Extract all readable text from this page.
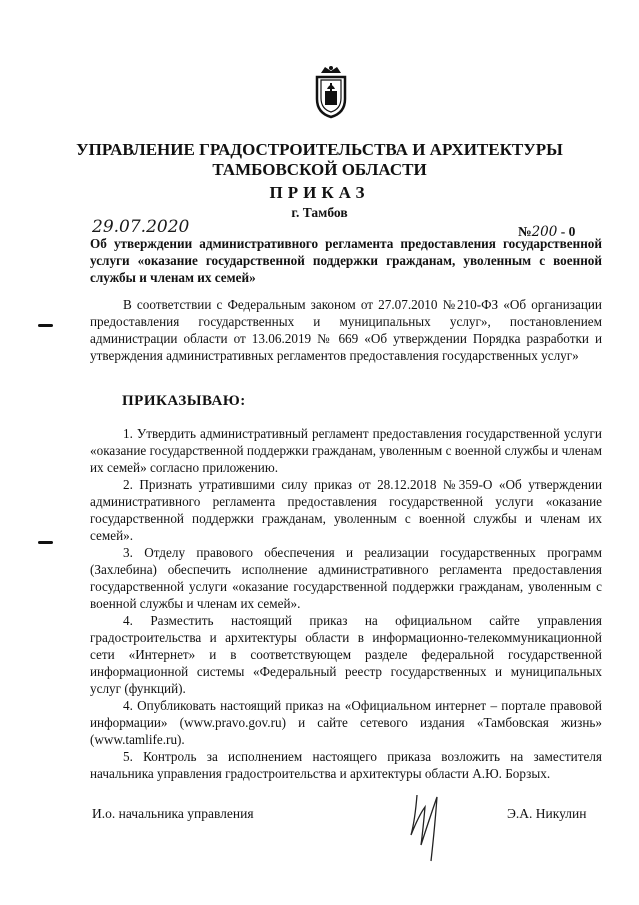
УПРАВЛЕНИЕ ГРАДОСТРОИТЕЛЬСТВА И АРХИТЕКТУРЫ
ТАМБОВСКОЙ ОБЛАСТИ
ПРИКАЗ
г. Тамбов
29.07.2020	№200 - 0
Об утверждении административного регламента предоставления государственной услуги «оказание государственной поддержки гражданам, уволенным с военной службы и членам их семей»

В соответствии с Федеральным законом от 27.07.2010 №210-ФЗ «Об организации предоставления государственных и муниципальных услуг», постановлением администрации области от 13.06.2019 № 669 «Об утверждении Порядка разработки и утверждения административных регламентов предоставления государственных услуг»

ПРИКАЗЫВАЮ:

1. Утвердить административный регламент предоставления государственной услуги «оказание государственной поддержки гражданам, уволенным с военной службы и членам их семей» согласно приложению.

2. Признать утратившими силу приказ от 28.12.2018 №359-О «Об утверждении административного регламента предоставления государственной услуги «оказание государственной поддержки гражданам, уволенным с военной службы и членам их семей».

3. Отделу правового обеспечения и реализации государственных программ (Захлебина) обеспечить исполнение административного регламента предоставления государственной услуги «оказание государственной поддержки гражданам, уволенным с военной службы и членам их семей».

4. Разместить настоящий приказ на официальном сайте управления градостроительства и архитектуры области в информационно-телекоммуникационной сети «Интернет» и в соответствующем разделе федеральной государственной информационной системы «Федеральный реестр государственных и муниципальных услуг (функций).

4. Опубликовать настоящий приказ на «Официальном интернет – портале правовой информации» (www.pravo.gov.ru) и сайте сетевого издания «Тамбовская жизнь» (www.tamlife.ru).

5. Контроль за исполнением настоящего приказа возложить на заместителя начальника управления градостроительства и архитектуры области А.Ю. Борзых.

И.о. начальника управления	Э.А. Никулин
